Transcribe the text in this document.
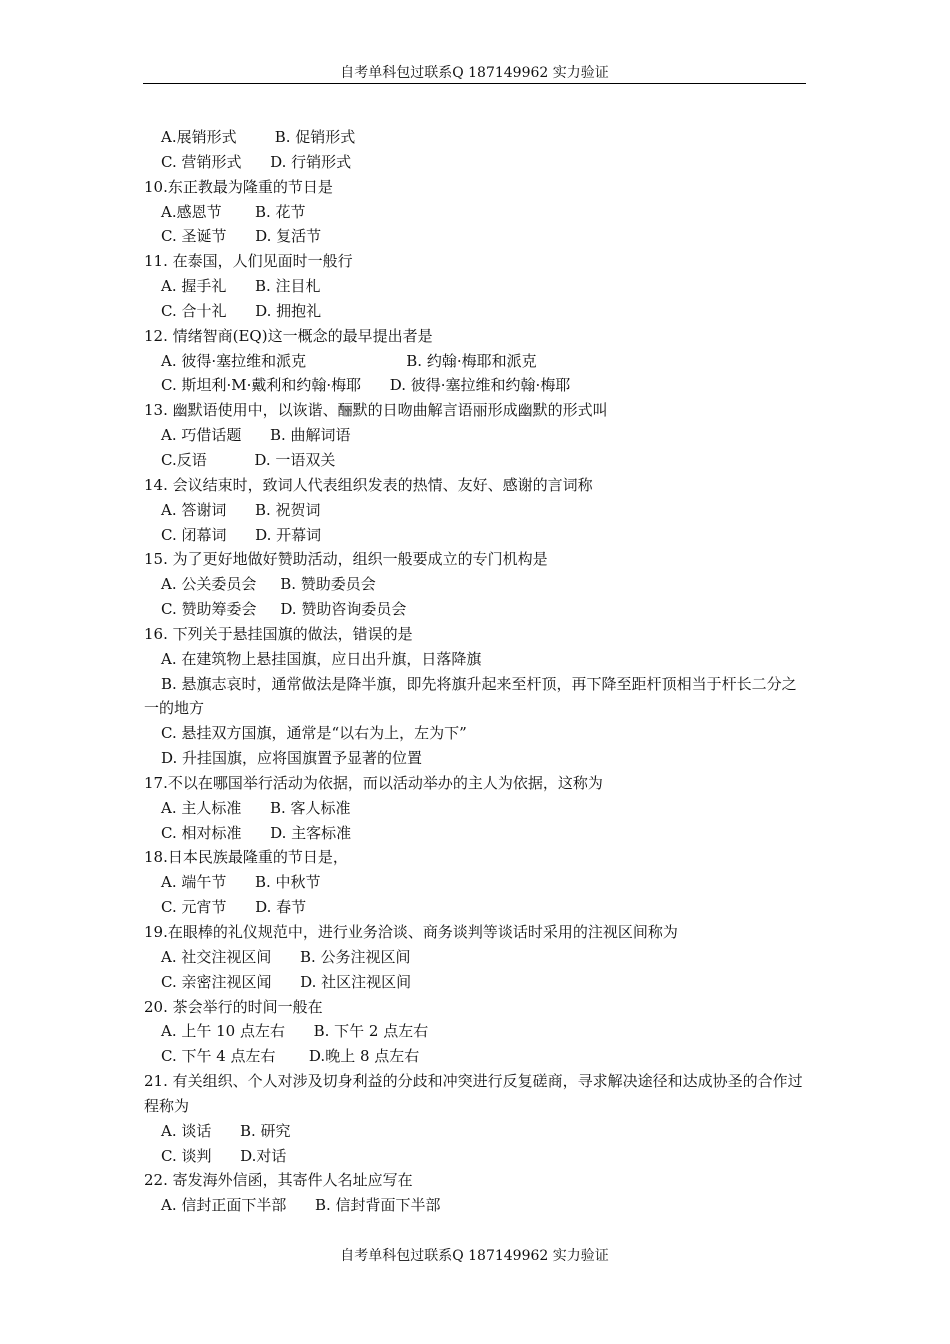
自考单科包过联系Q 187149962 实力验证
A.展销形式        B. 促销形式
C. 营销形式      D. 行销形式
10.东正教最为隆重的节日是
A.感恩节       B. 花节
C. 圣诞节      D. 复活节
11. 在泰国，人们见面时一般行
A. 握手礼      B. 注目札
C. 合十礼      D. 拥抱礼
12. 情绪智商(EQ)这一概念的最早提出者是
A. 彼得·塞拉维和派克                     B. 约翰·梅耶和派克
C. 斯坦利·M·戴利和约翰·梅耶      D. 彼得·塞拉维和约翰·梅耶
13. 幽默语使用中，以诙谐、酾默的日吻曲解言语丽形成幽默的形式叫
A. 巧借话题      B. 曲解词语
C.反语          D. 一语双关
14. 会议结束时，致词人代表组织发表的热情、友好、感谢的言词称
A. 答谢词      B. 祝贺词
C. 闭幕词      D. 开幕词
15. 为了更好地做好赞助活动，组织一般要成立的专门机构是
A. 公关委员会     B. 赞助委员会
C. 赞助筹委会     D. 赞助咨询委员会
16. 下列关于悬挂国旗的做法，错误的是
A. 在建筑物上悬挂国旗，应日出升旗，日落降旗
B. 悬旗志哀时，通常做法是降半旗，即先将旗升起来至杆顶，再下降至距杆顶相当于杆长二分之一的地方
C. 悬挂双方国旗，通常是“以右为上，左为下”
D. 升挂国旗，应将国旗置予显著的位置
17.不以在哪国举行活动为依据，而以活动举办的主人为依据，这称为
A. 主人标准      B. 客人标准
C. 相对标准      D. 主客标准
18.日本民族最隆重的节日是，
A. 端午节      B. 中秋节
C. 元宵节      D. 春节
19.在眼棒的礼仪规范中，进行业务洽谈、商务谈判等谈话时采用的注视区间称为
A. 社交注视区间      B. 公务注视区间
C. 亲密注视区闻      D. 社区注视区间
20. 茶会举行的时间一般在
A. 上午 10 点左右      B. 下午 2 点左右
C. 下午 4 点左右       D.晚上 8 点左右
21. 有关组织、个人对涉及切身利益的分歧和冲突进行反复磋商，寻求解决途径和达成协圣的合作过程称为
A. 谈话      B. 研究
C. 谈判      D.对话
22. 寄发海外信函，其寄件人名址应写在
A. 信封正面下半部      B. 信封背面下半部
自考单科包过联系Q 187149962 实力验证
